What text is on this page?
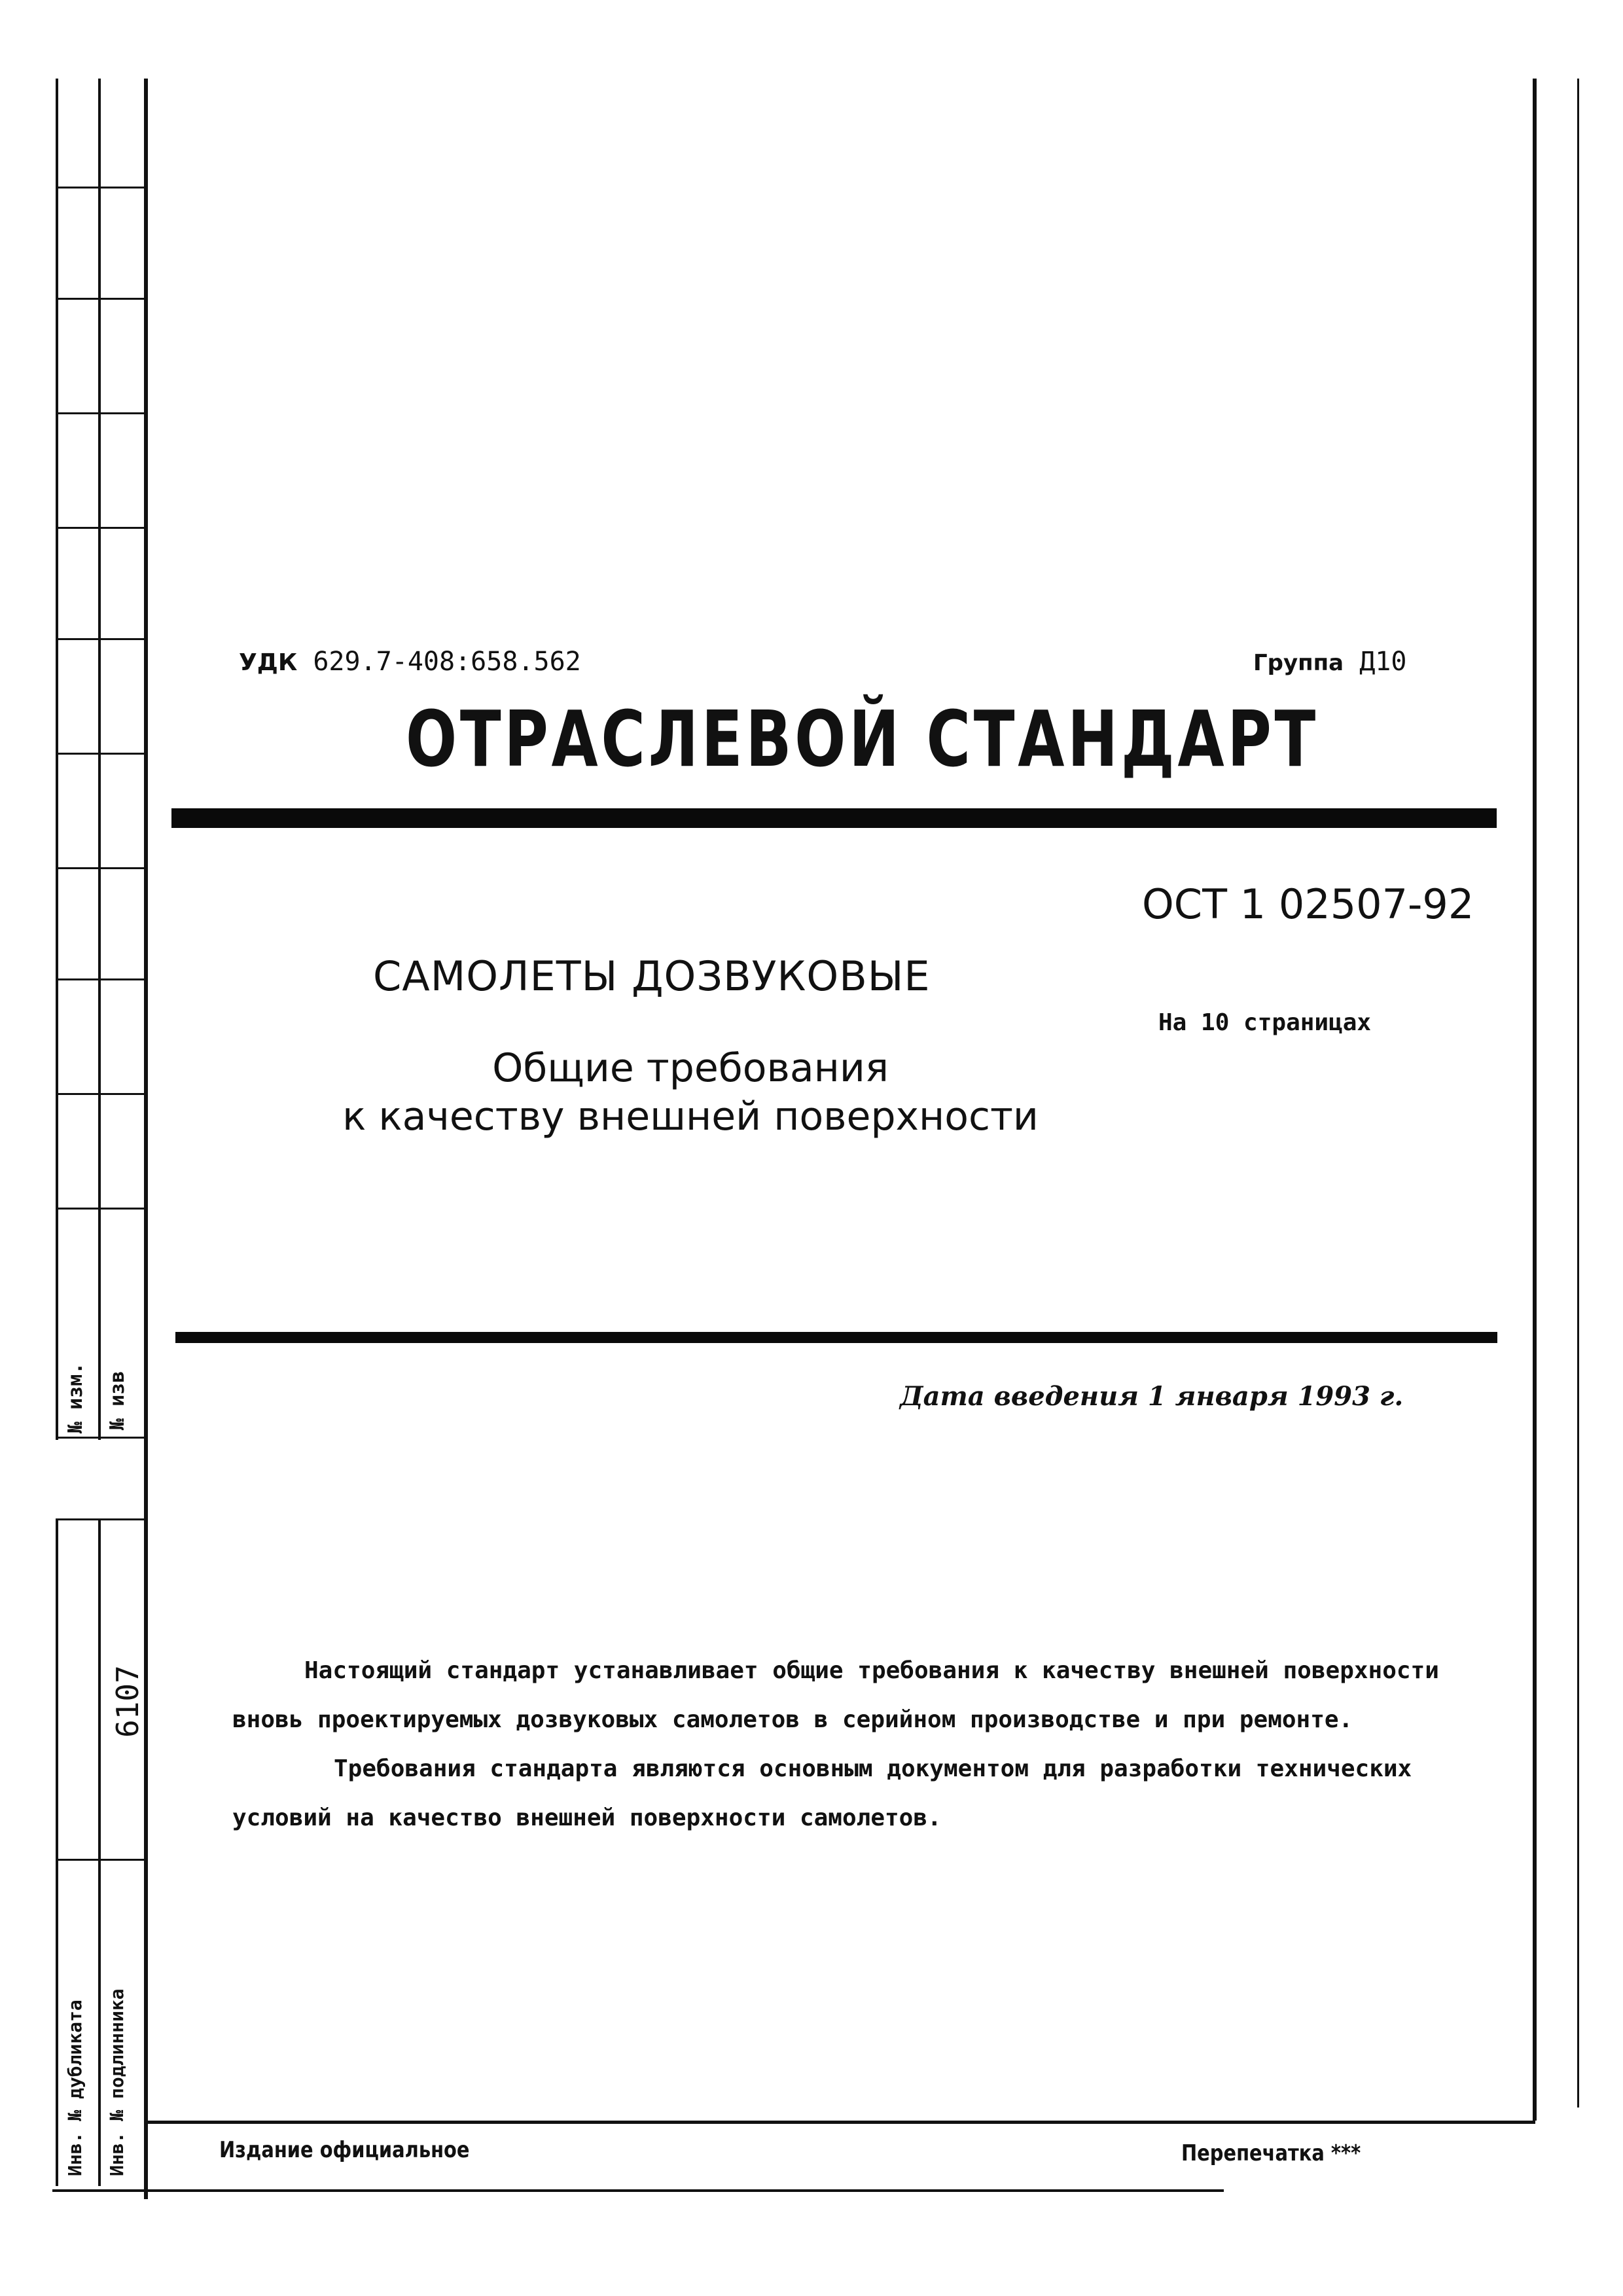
№ изм. № изв
6107
Инв. № дубликата Инв. № подлинника
УДК 629.7-408:658.562	Группа Д10
ОТРАСЛЕВОЙ СТАНДАРТ
ОСТ 1 02507-92
САМОЛЕТЫ ДОЗВУКОВЫЕ
На 10 страницах
Общие требования
к качеству внешней поверхности
Дата введения 1 января 1993 г.

Настоящий стандарт устанавливает общие требования к качеству внешней поверхности вновь проектируемых дозвуковых самолетов в серийном производстве и при ремонте.

Требования стандарта являются основным документом для разработки технических условий на качество внешней поверхности самолетов.

Издание официальное	Перепечатка ***
